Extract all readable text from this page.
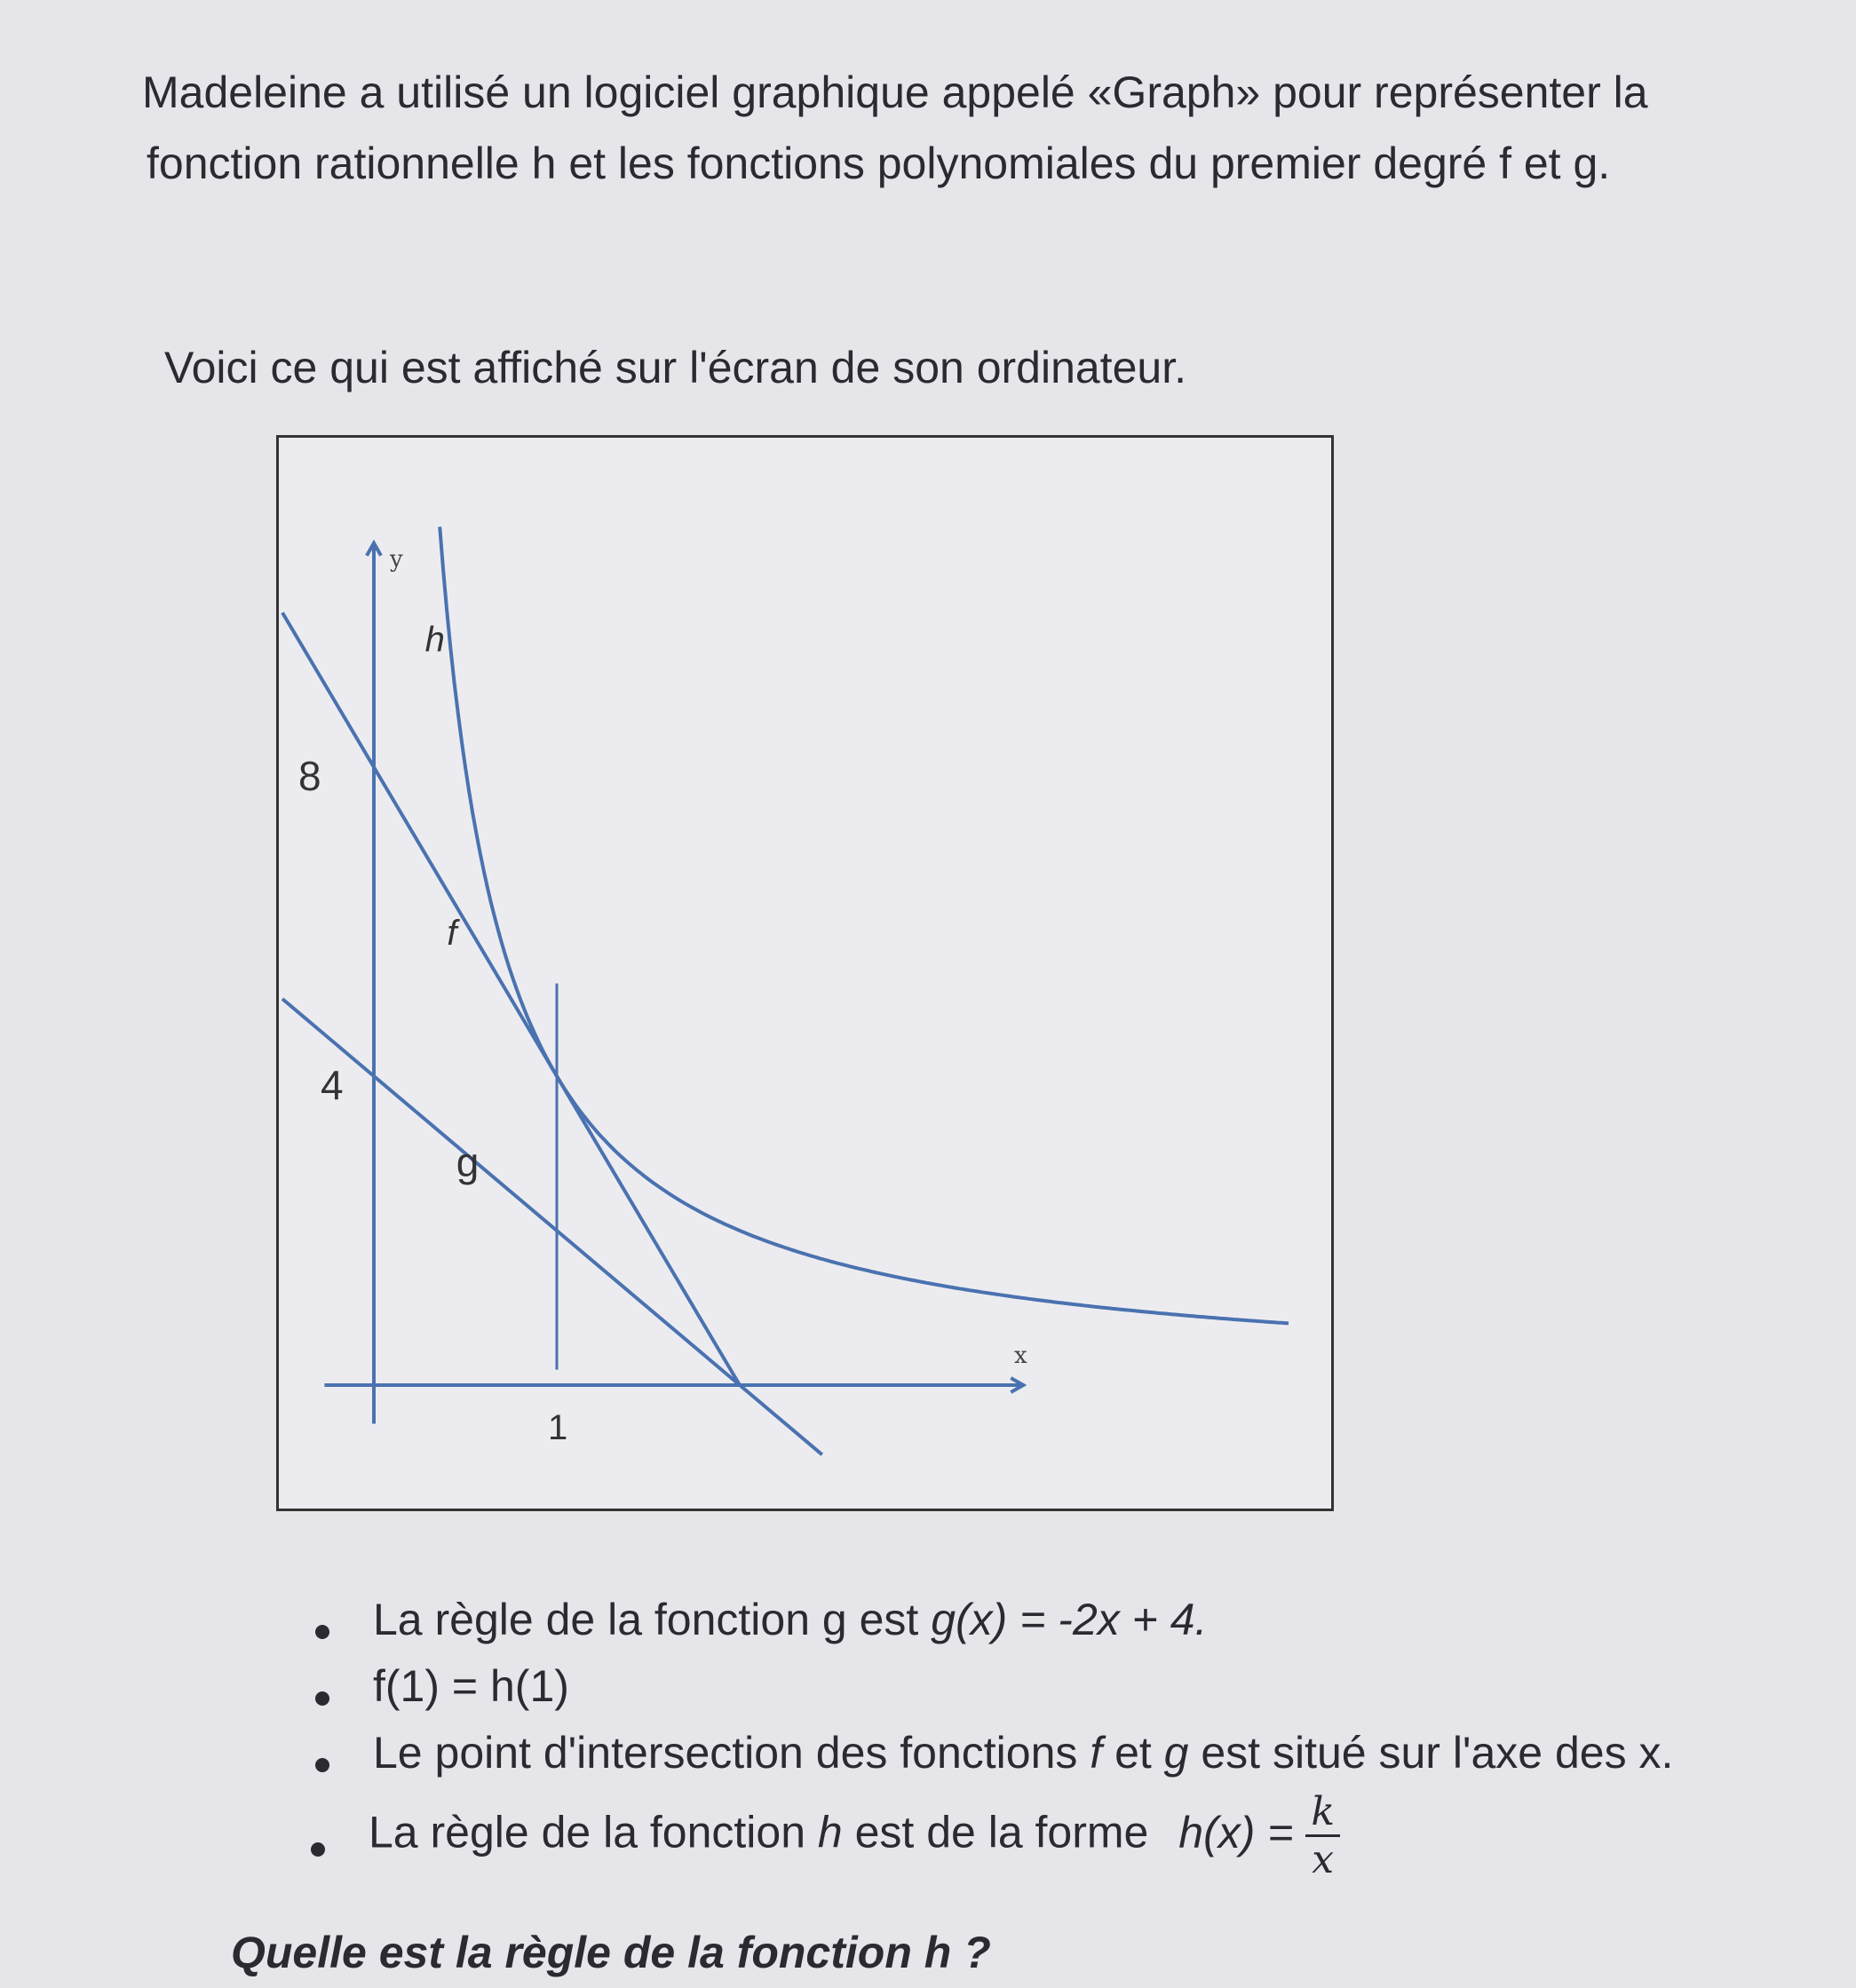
Madeleine a utilisé un logiciel graphique appelé «Graph» pour représenter la
fonction rationnelle h et les fonctions polynomiales du premier degré f et g.
Voici ce qui est affiché sur l'écran de son ordinateur.
y
x
h
f
g
8
4
1
La règle de la fonction g est g(x) = -2x + 4.
f(1) = h(1)
Le point d'intersection des fonctions f et g est situé sur l'axe des x.
La règle de la fonction h est de la forme $h(x) = \frac{k}{x}$
Quelle est la règle de la fonction h ?
